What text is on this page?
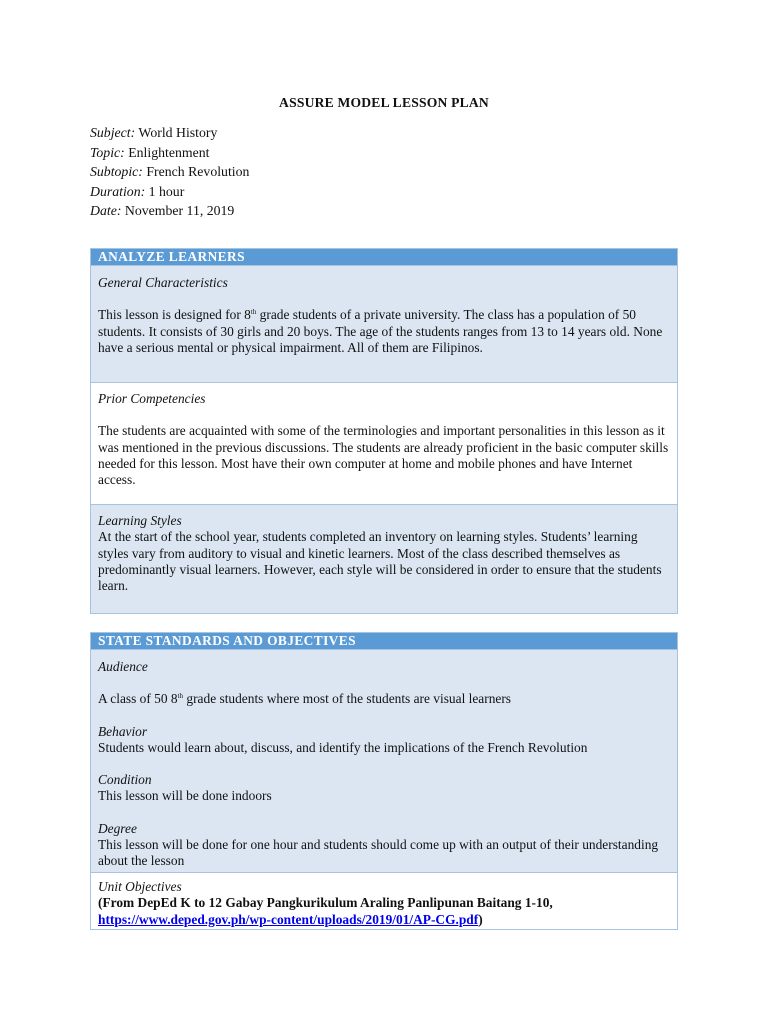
ASSURE MODEL LESSON PLAN
Subject: World History
Topic: Enlightenment
Subtopic: French Revolution
Duration: 1 hour
Date: November 11, 2019
ANALYZE LEARNERS

General Characteristics

This lesson is designed for 8th grade students of a private university. The class has a population of 50 students. It consists of 30 girls and 20 boys. The age of the students ranges from 13 to 14 years old. None have a serious mental or physical impairment. All of them are Filipinos.

Prior Competencies

The students are acquainted with some of the terminologies and important personalities in this lesson as it was mentioned in the previous discussions. The students are already proficient in the basic computer skills needed for this lesson. Most have their own computer at home and mobile phones and have Internet access.

Learning Styles

At the start of the school year, students completed an inventory on learning styles. Students’ learning styles vary from auditory to visual and kinetic learners. Most of the class described themselves as predominantly visual learners. However, each style will be considered in order to ensure that the students learn.

STATE STANDARDS AND OBJECTIVES

Audience

A class of 50 8th grade students where most of the students are visual learners

Behavior

Students would learn about, discuss, and identify the implications of the French Revolution

Condition

This lesson will be done indoors

Degree

This lesson will be done for one hour and students should come up with an output of their understanding about the lesson

Unit Objectives

(From DepEd K to 12 Gabay Pangkurikulum Araling Panlipunan Baitang 1-10,

https://www.deped.gov.ph/wp-content/uploads/2019/01/AP-CG.pdf)
